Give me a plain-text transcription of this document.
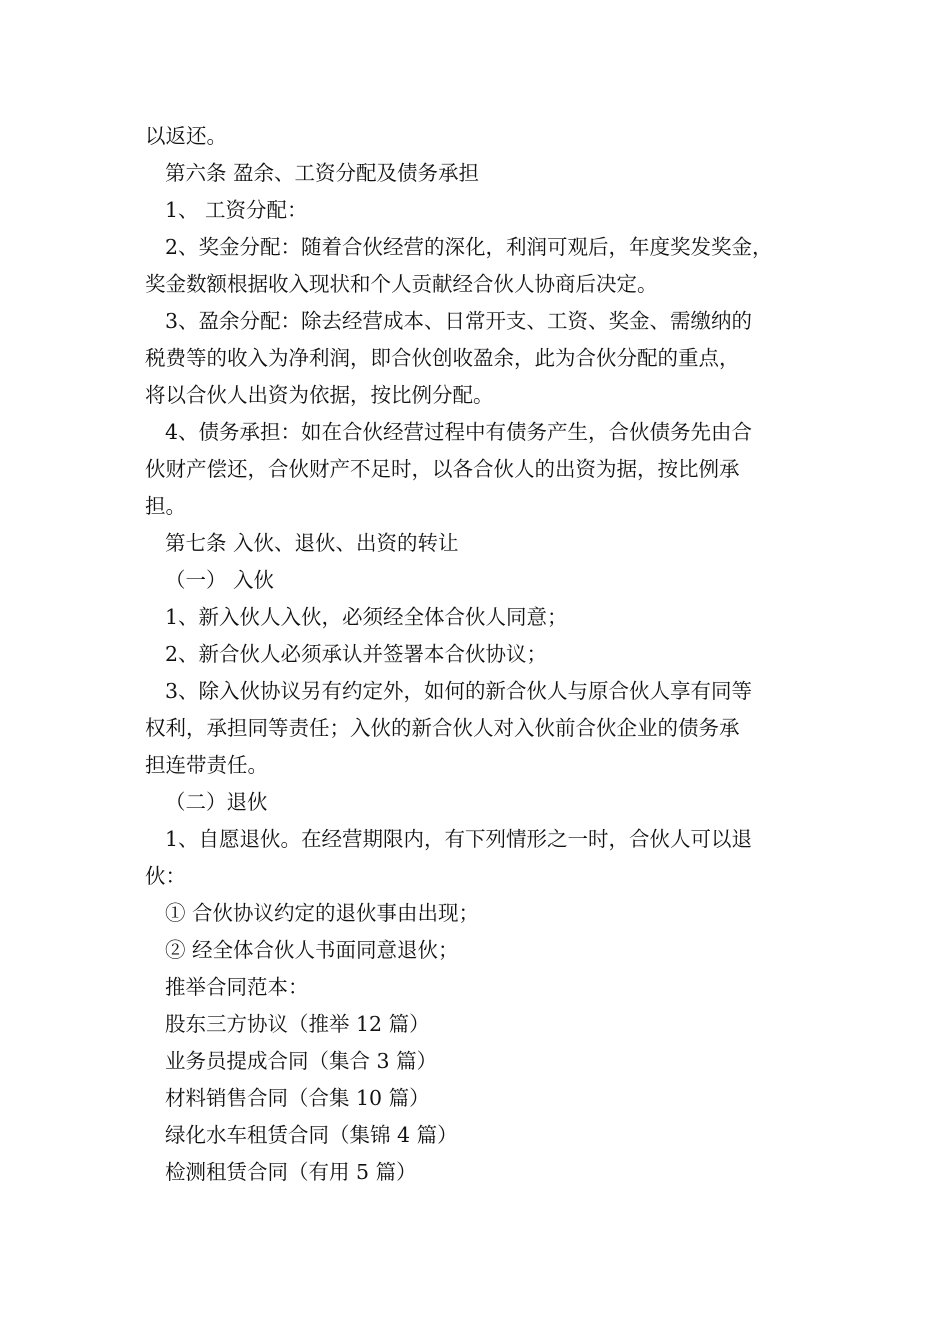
以返还。

第六条 盈余、工资分配及债务承担

1、 工资分配：

2、奖金分配：随着合伙经营的深化，利润可观后，年度奖发奖金，

奖金数额根据收入现状和个人贡献经合伙人协商后决定。

3、盈余分配：除去经营成本、日常开支、工资、奖金、需缴纳的

税费等的收入为净利润，即合伙创收盈余，此为合伙分配的重点，

将以合伙人出资为依据，按比例分配。

4、债务承担：如在合伙经营过程中有债务产生，合伙债务先由合

伙财产偿还，合伙财产不足时，以各合伙人的出资为据，按比例承

担。

第七条 入伙、退伙、出资的转让

（一） 入伙

1、新入伙人入伙，必须经全体合伙人同意；

2、新合伙人必须承认并签署本合伙协议；

3、除入伙协议另有约定外，如何的新合伙人与原合伙人享有同等

权利，承担同等责任；入伙的新合伙人对入伙前合伙企业的债务承

担连带责任。

（二）退伙

1、自愿退伙。在经营期限内，有下列情形之一时，合伙人可以退

伙：

① 合伙协议约定的退伙事由出现；

② 经全体合伙人书面同意退伙；

推举合同范本：

股东三方协议（推举 12 篇）

业务员提成合同（集合 3 篇）

材料销售合同（合集 10 篇）

绿化水车租赁合同（集锦 4 篇）

检测租赁合同（有用 5 篇）
